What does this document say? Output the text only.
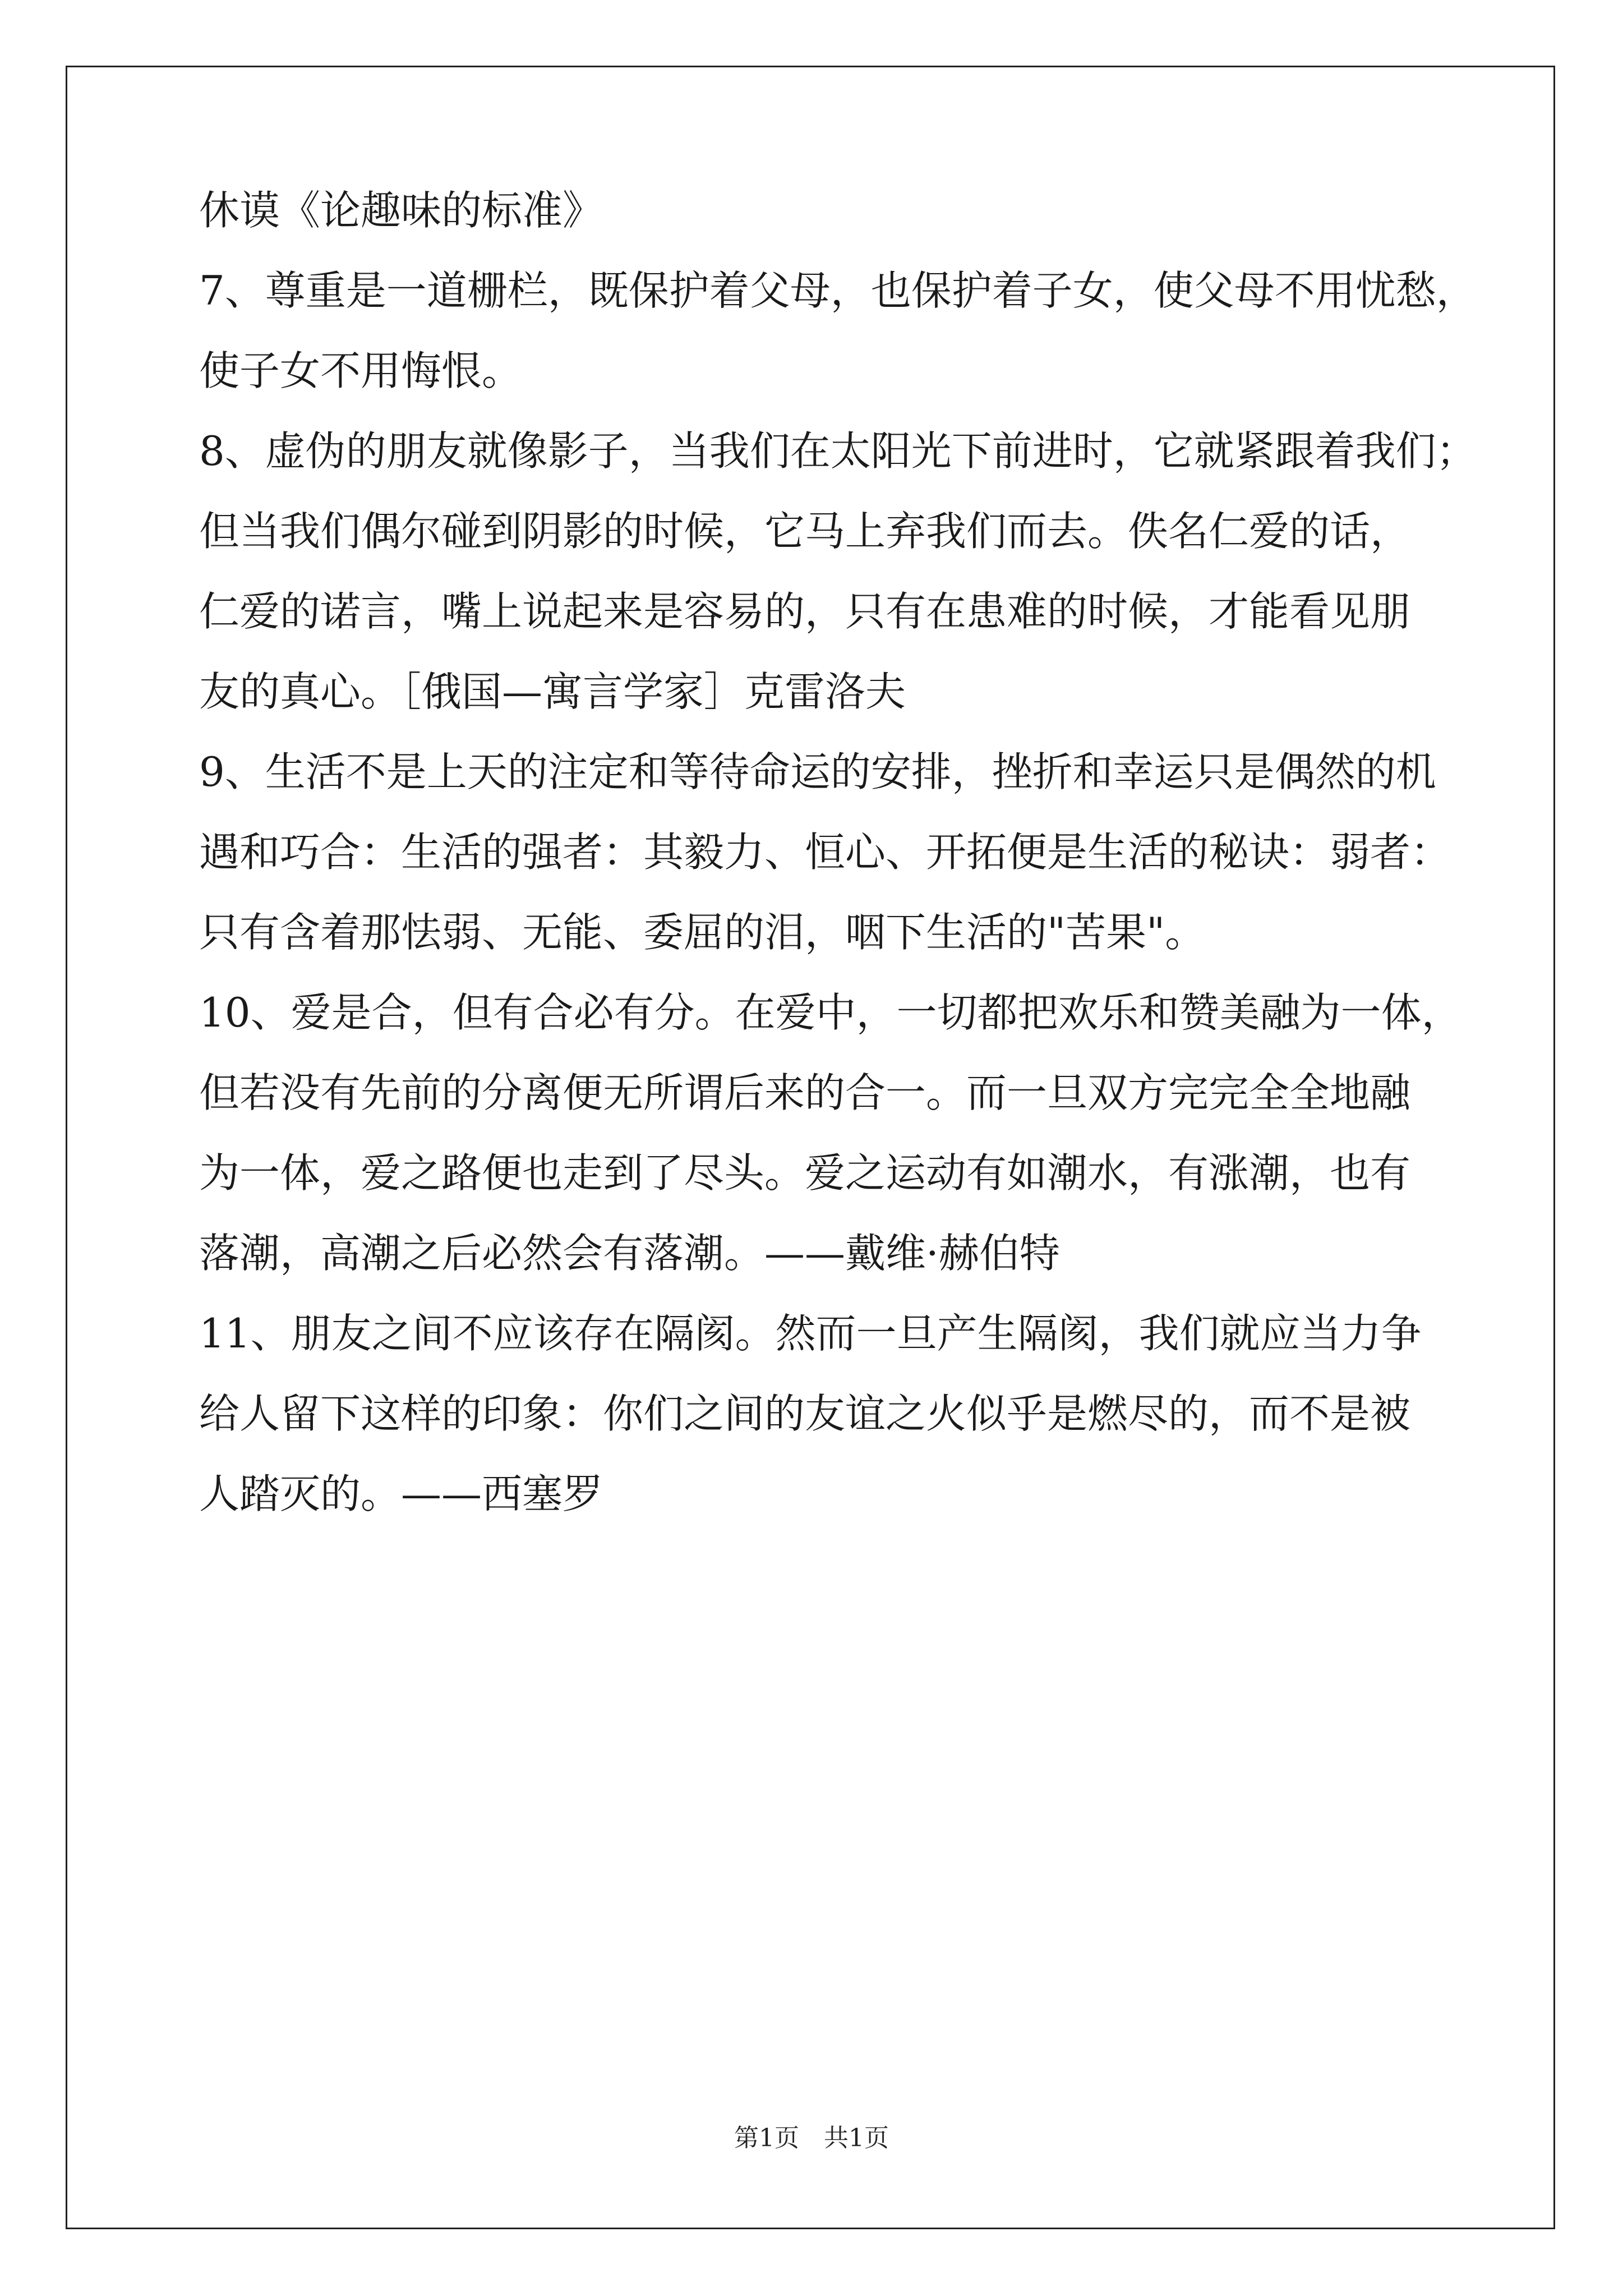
休谟《论趣味的标准》
7、尊重是一道栅栏，既保护着父母，也保护着子女，使父母不用忧愁，
使子女不用悔恨。
8、虚伪的朋友就像影子，当我们在太阳光下前进时，它就紧跟着我们；
但当我们偶尔碰到阴影的时候，它马上弃我们而去。佚名仁爱的话，
仁爱的诺言，嘴上说起来是容易的，只有在患难的时候，才能看见朋
友的真心。［俄国—寓言学家］克雷洛夫
9、生活不是上天的注定和等待命运的安排，挫折和幸运只是偶然的机
遇和巧合：生活的强者：其毅力、恒心、开拓便是生活的秘诀：弱者：
只有含着那怯弱、无能、委屈的泪，咽下生活的"苦果"。
10、爱是合，但有合必有分。在爱中，一切都把欢乐和赞美融为一体，
但若没有先前的分离便无所谓后来的合一。而一旦双方完完全全地融
为一体，爱之路便也走到了尽头。爱之运动有如潮水，有涨潮，也有
落潮，高潮之后必然会有落潮。——戴维·赫伯特
11、朋友之间不应该存在隔阂。然而一旦产生隔阂，我们就应当力争
给人留下这样的印象：你们之间的友谊之火似乎是燃尽的，而不是被
人踏灭的。——西塞罗
第1页　共1页
